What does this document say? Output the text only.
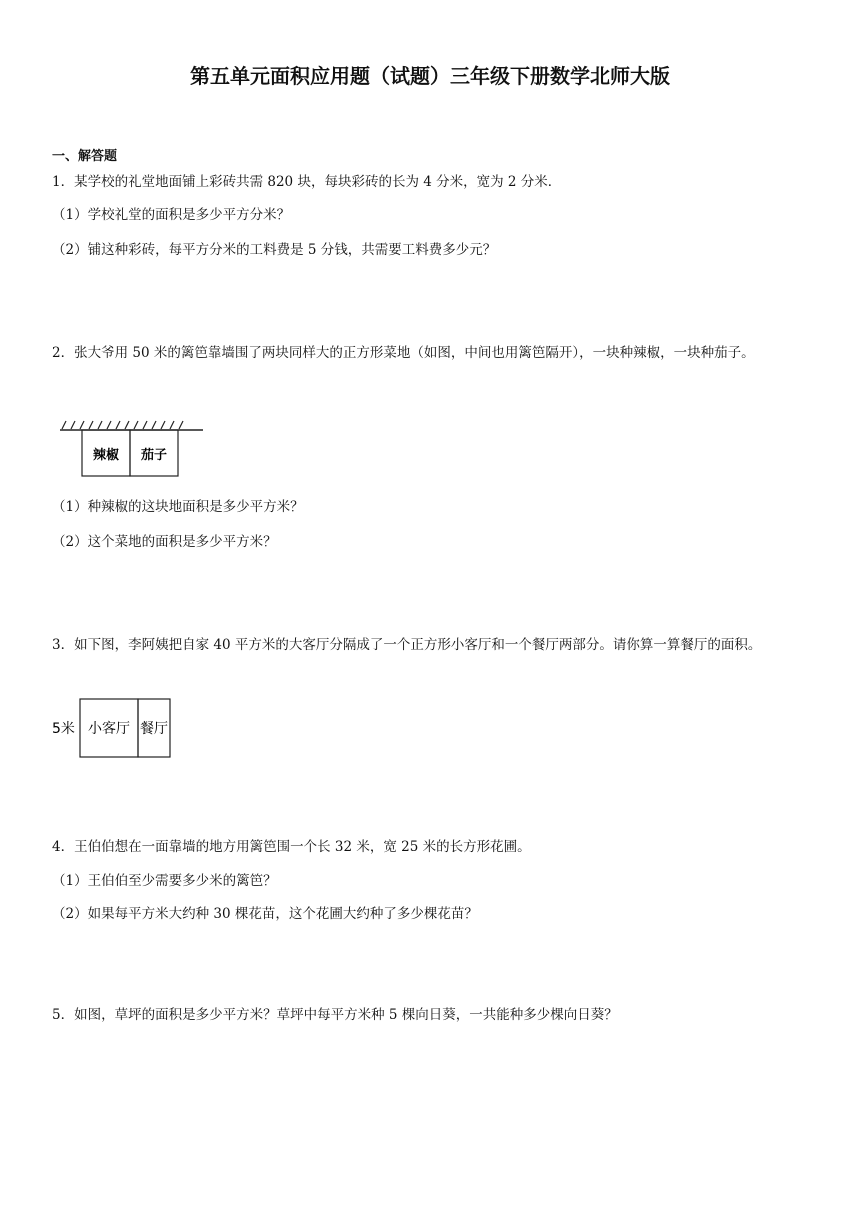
第五单元面积应用题（试题）三年级下册数学北师大版
一、解答题
1．某学校的礼堂地面铺上彩砖共需 820 块，每块彩砖的长为 4 分米，宽为 2 分米．
（1）学校礼堂的面积是多少平方分米？
（2）铺这种彩砖，每平方分米的工料费是 5 分钱，共需要工料费多少元？
2．张大爷用 50 米的篱笆靠墙围了两块同样大的正方形菜地（如图，中间也用篱笆隔开），一块种辣椒，一块种茄子。
辣椒 茄子
（1）种辣椒的这块地面积是多少平方米？
（2）这个菜地的面积是多少平方米？
3．如下图，李阿姨把自家 40 平方米的大客厅分隔成了一个正方形小客厅和一个餐厅两部分。请你算一算餐厅的面积。
5米 小客厅 餐厅
4．王伯伯想在一面靠墙的地方用篱笆围一个长 32 米，宽 25 米的长方形花圃。
（1）王伯伯至少需要多少米的篱笆？
（2）如果每平方米大约种 30 棵花苗，这个花圃大约种了多少棵花苗？
5．如图，草坪的面积是多少平方米？草坪中每平方米种 5 棵向日葵，一共能种多少棵向日葵？
